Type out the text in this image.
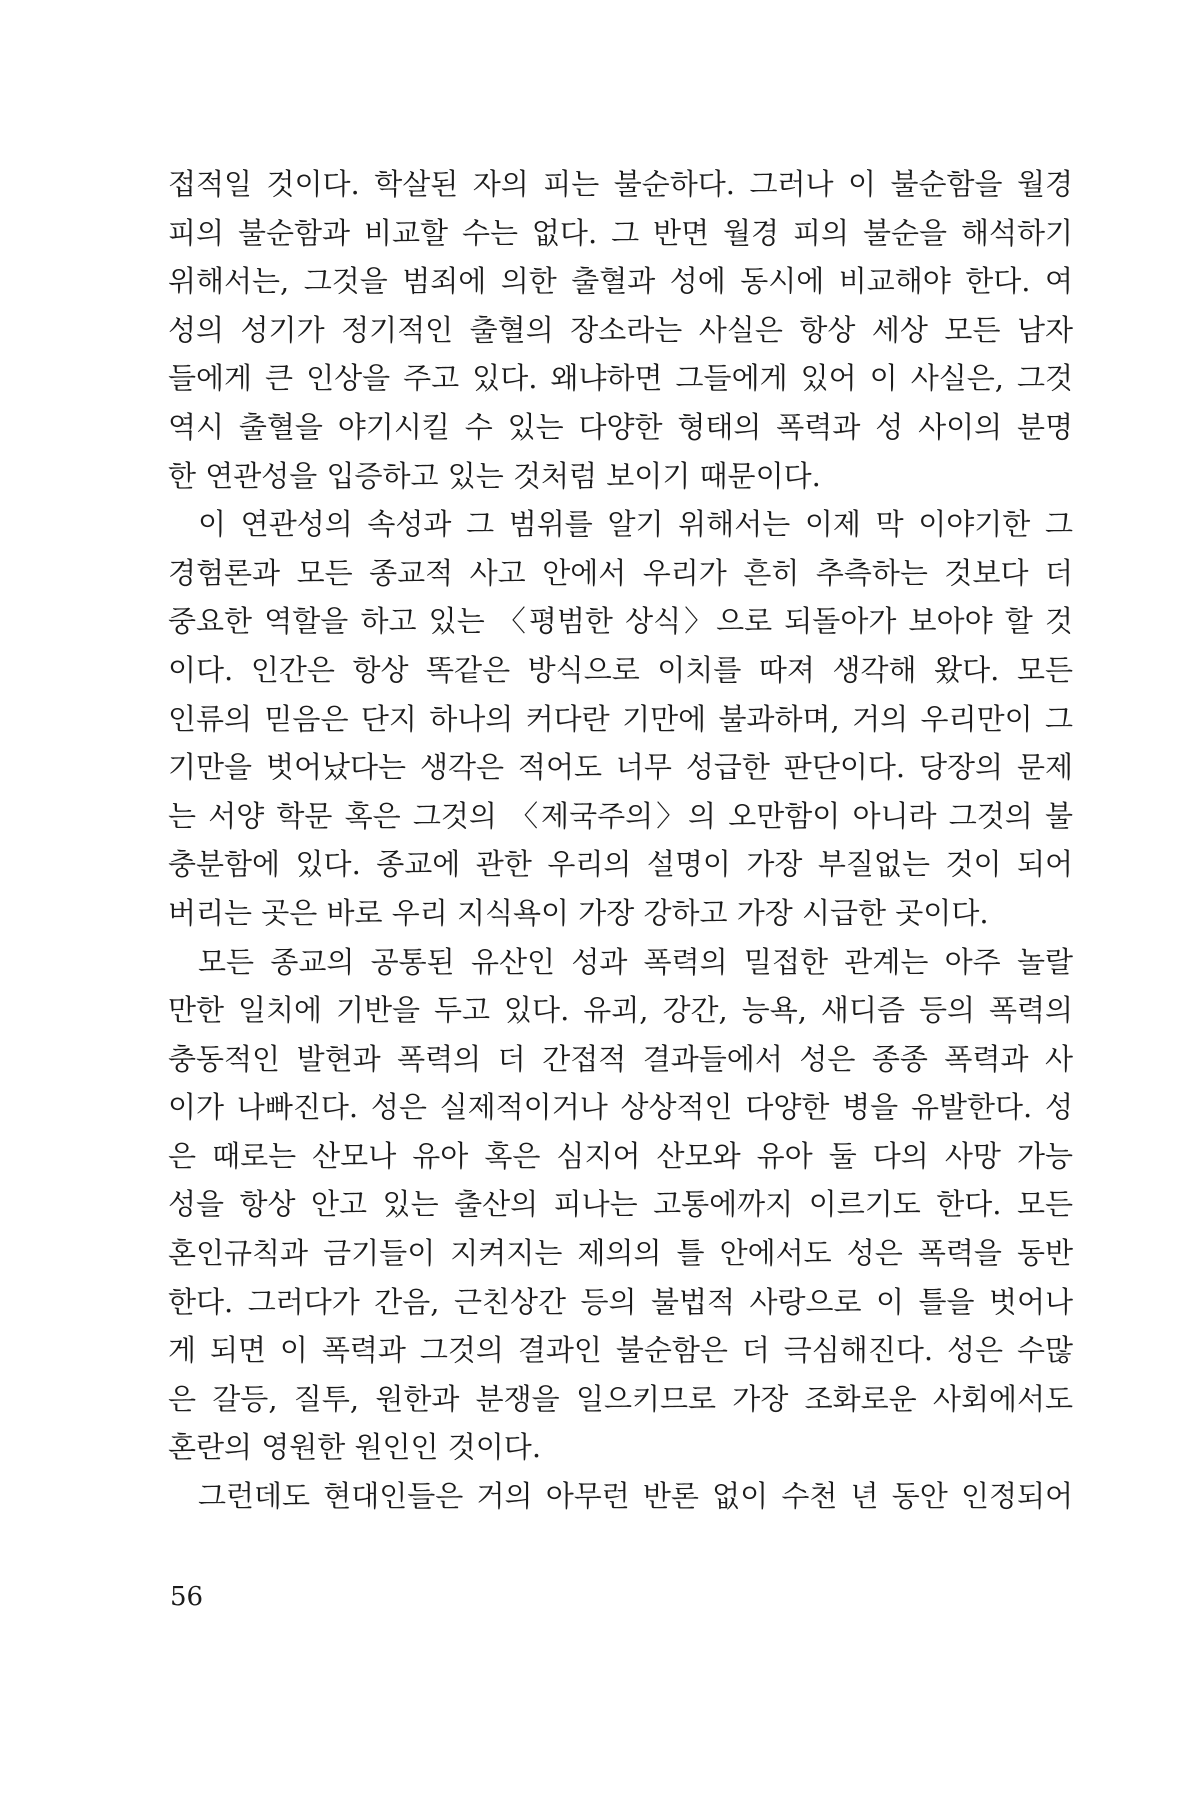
접적일 것이다. 학살된 자의 피는 불순하다. 그러나 이 불순함을 월경
피의 불순함과 비교할 수는 없다. 그 반면 월경 피의 불순을 해석하기
위해서는, 그것을 범죄에 의한 출혈과 성에 동시에 비교해야 한다. 여
성의 성기가 정기적인 출혈의 장소라는 사실은 항상 세상 모든 남자
들에게 큰 인상을 주고 있다. 왜냐하면 그들에게 있어 이 사실은, 그것
역시 출혈을 야기시킬 수 있는 다양한 형태의 폭력과 성 사이의 분명
한 연관성을 입증하고 있는 것처럼 보이기 때문이다.
이 연관성의 속성과 그 범위를 알기 위해서는 이제 막 이야기한 그
경험론과 모든 종교적 사고 안에서 우리가 흔히 추측하는 것보다 더
중요한 역할을 하고 있는 〈평범한 상식〉으로 되돌아가 보아야 할 것
이다. 인간은 항상 똑같은 방식으로 이치를 따져 생각해 왔다. 모든
인류의 믿음은 단지 하나의 커다란 기만에 불과하며, 거의 우리만이 그
기만을 벗어났다는 생각은 적어도 너무 성급한 판단이다. 당장의 문제
는 서양 학문 혹은 그것의 〈제국주의〉의 오만함이 아니라 그것의 불
충분함에 있다. 종교에 관한 우리의 설명이 가장 부질없는 것이 되어
버리는 곳은 바로 우리 지식욕이 가장 강하고 가장 시급한 곳이다.
모든 종교의 공통된 유산인 성과 폭력의 밀접한 관계는 아주 놀랄
만한 일치에 기반을 두고 있다. 유괴, 강간, 능욕, 새디즘 등의 폭력의
충동적인 발현과 폭력의 더 간접적 결과들에서 성은 종종 폭력과 사
이가 나빠진다. 성은 실제적이거나 상상적인 다양한 병을 유발한다. 성
은 때로는 산모나 유아 혹은 심지어 산모와 유아 둘 다의 사망 가능
성을 항상 안고 있는 출산의 피나는 고통에까지 이르기도 한다. 모든
혼인규칙과 금기들이 지켜지는 제의의 틀 안에서도 성은 폭력을 동반
한다. 그러다가 간음, 근친상간 등의 불법적 사랑으로 이 틀을 벗어나
게 되면 이 폭력과 그것의 결과인 불순함은 더 극심해진다. 성은 수많
은 갈등, 질투, 원한과 분쟁을 일으키므로 가장 조화로운 사회에서도
혼란의 영원한 원인인 것이다.
그런데도 현대인들은 거의 아무런 반론 없이 수천 년 동안 인정되어
56
